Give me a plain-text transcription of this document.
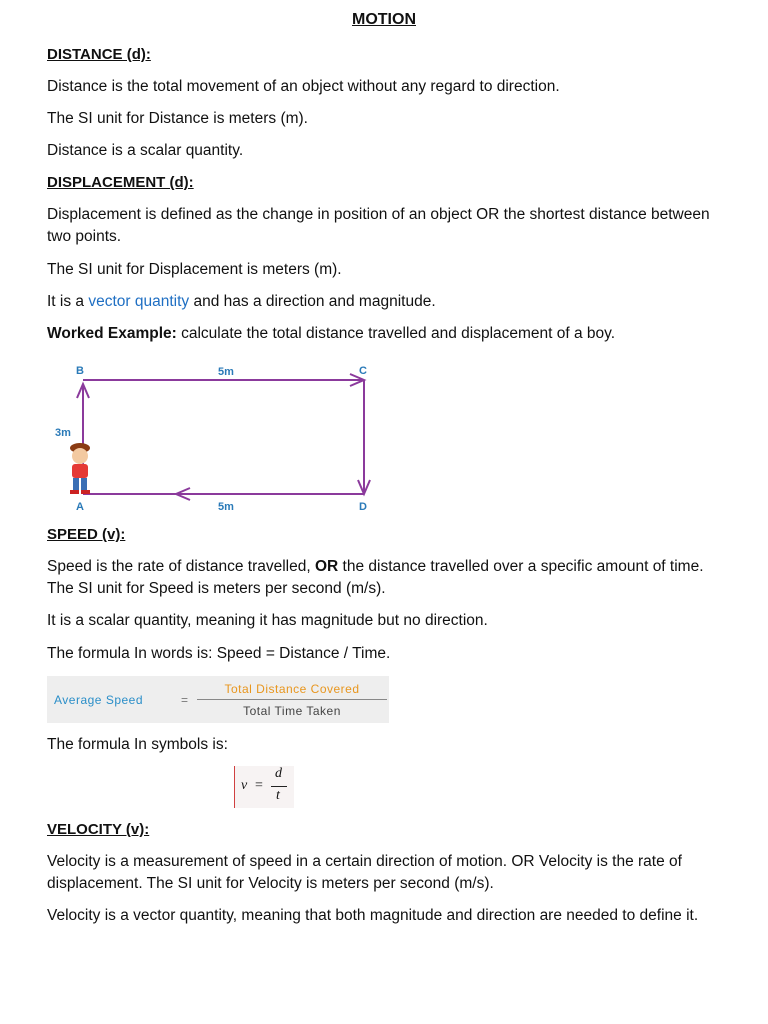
MOTION

DISTANCE (d):

Distance is the total movement of an object without any regard to direction.

The SI unit for Distance is meters (m).

Distance is a scalar quantity.

DISPLACEMENT (d):

Displacement is defined as the change in position of an object OR the shortest distance between two points.

The SI unit for Displacement is meters (m).

It is a vector quantity and has a direction and magnitude.

Worked Example: calculate the total distance travelled and displacement of a boy.

B	C
A	D
5m
5m
3m

SPEED (v):

Speed is the rate of distance travelled, OR the distance travelled over a specific amount of time. The SI unit for Speed is meters per second (m/s).

It is a scalar quantity, meaning it has magnitude but no direction.

The formula In words is: Speed = Distance / Time.

Average Speed	=
Total Distance Covered
Total Time Taken

The formula In symbols is:

v =
d
t

VELOCITY (v):

Velocity is a measurement of speed in a certain direction of motion. OR Velocity is the rate of displacement. The SI unit for Velocity is meters per second (m/s).

Velocity is a vector quantity, meaning that both magnitude and direction are needed to define it.
